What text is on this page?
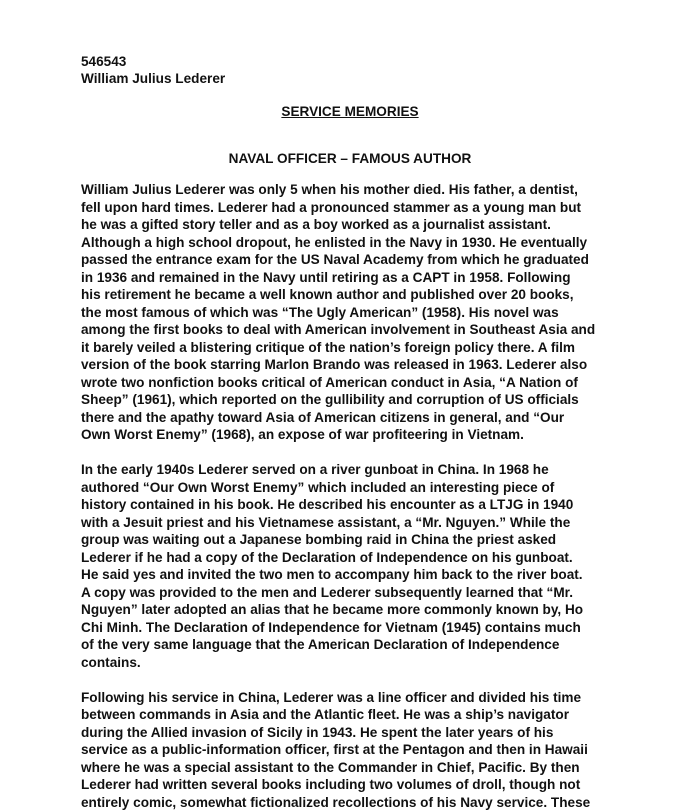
546543
William Julius Lederer
SERVICE MEMORIES
NAVAL OFFICER – FAMOUS AUTHOR
William Julius Lederer was only 5 when his mother died. His father, a dentist,
fell upon hard times. Lederer had a pronounced stammer as a young man but
he was a gifted story teller and as a boy worked as a journalist assistant.
Although a high school dropout, he enlisted in the Navy in 1930. He eventually
passed the entrance exam for the US Naval Academy from which he graduated
in 1936 and remained in the Navy until retiring as a CAPT in 1958. Following
his retirement he became a well known author and published over 20 books,
the most famous of which was “The Ugly American” (1958). His novel was
among the first books to deal with American involvement in Southeast Asia and
it barely veiled a blistering critique of the nation’s foreign policy there. A film
version of the book starring Marlon Brando was released in 1963. Lederer also
wrote two nonfiction books critical of American conduct in Asia, “A Nation of
Sheep” (1961), which reported on the gullibility and corruption of US officials
there and the apathy toward Asia of American citizens in general, and “Our
Own Worst Enemy” (1968), an expose of war profiteering in Vietnam.
In the early 1940s Lederer served on a river gunboat in China. In 1968 he
authored “Our Own Worst Enemy” which included an interesting piece of
history contained in his book. He described his encounter as a LTJG in 1940
with a Jesuit priest and his Vietnamese assistant, a “Mr. Nguyen.” While the
group was waiting out a Japanese bombing raid in China the priest asked
Lederer if he had a copy of the Declaration of Independence on his gunboat.
He said yes and invited the two men to accompany him back to the river boat.
A copy was provided to the men and Lederer subsequently learned that “Mr.
Nguyen” later adopted an alias that he became more commonly known by, Ho
Chi Minh. The Declaration of Independence for Vietnam (1945) contains much
of the very same language that the American Declaration of Independence
contains.
Following his service in China, Lederer was a line officer and divided his time
between commands in Asia and the Atlantic fleet. He was a ship’s navigator
during the Allied invasion of Sicily in 1943. He spent the later years of his
service as a public-information officer, first at the Pentagon and then in Hawaii
where he was a special assistant to the Commander in Chief, Pacific. By then
Lederer had written several books including two volumes of droll, though not
entirely comic, somewhat fictionalized recollections of his Navy service. These
